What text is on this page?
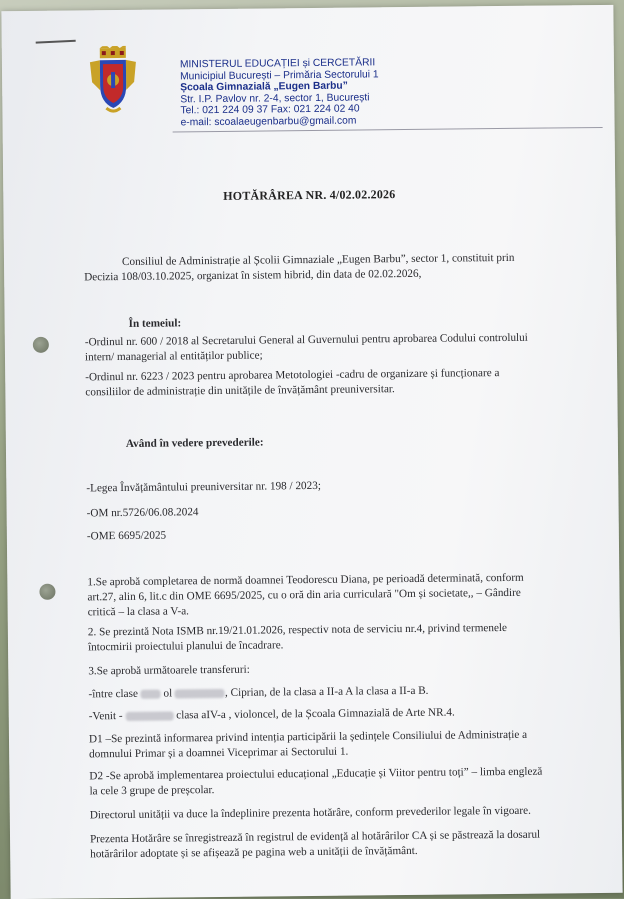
MINISTERUL EDUCAȚIEI și CERCETĂRII
Municipiul București – Primăria Sectorului 1
Școala Gimnazială „Eugen Barbu”
Str. I.P. Pavlov nr. 2-4, sector 1, București
Tel.: 021 224 09 37 Fax: 021 224 02 40
e-mail: scoalaeugenbarbu@gmail.com
HOTĂRÂREA NR. 4/02.02.2026
Consiliul de Administrație al Școlii Gimnaziale „Eugen Barbu”, sector 1, constituit prin
Decizia 108/03.10.2025, organizat în sistem hibrid, din data de 02.02.2026,
În temeiul:
-Ordinul nr. 600 / 2018 al Secretarului General al Guvernului pentru aprobarea Codului controlului
intern/ managerial al entităților publice;
-Ordinul nr. 6223 / 2023 pentru aprobarea Metotologiei -cadru de organizare și funcționare a
consiliilor de administrație din unitățile de învățământ preuniversitar.
Având în vedere prevederile:
-Legea Învățământului preuniversitar nr. 198 / 2023;
-OM nr.5726/06.08.2024
-OME 6695/2025
1.Se aprobă completarea de normă doamnei Teodorescu Diana, pe perioadă determinată, conform
art.27, alin 6, lit.c din OME 6695/2025, cu o oră din aria curriculară "Om și societate,, – Gândire
critică – la clasa a V-a.
2. Se prezintă Nota ISMB nr.19/21.01.2026, respectiv nota de serviciu nr.4, privind termenele
întocmirii proiectului planului de încadrare.
3.Se aprobă următoarele transferuri:
-între clase ol	, Ciprian, de la clasa a II-a A la clasa a II-a B.
-Venit -	clasa aIV-a , violoncel, de la Școala Gimnazială de Arte NR.4.
D1 –Se prezintă informarea privind intenția participării la ședințele Consiliului de Administrație a
domnului Primar și a doamnei Viceprimar ai Sectorului 1.
D2 -Se aprobă implementarea proiectului educațional „Educație și Viitor pentru toți” – limba engleză
la cele 3 grupe de preșcolar.
Directorul unității va duce la îndeplinire prezenta hotărâre, conform prevederilor legale în vigoare.
Prezenta Hotărâre se înregistrează în registrul de evidență al hotărârilor CA și se păstrează la dosarul
hotărârilor adoptate și se afișează pe pagina web a unității de învățământ.
